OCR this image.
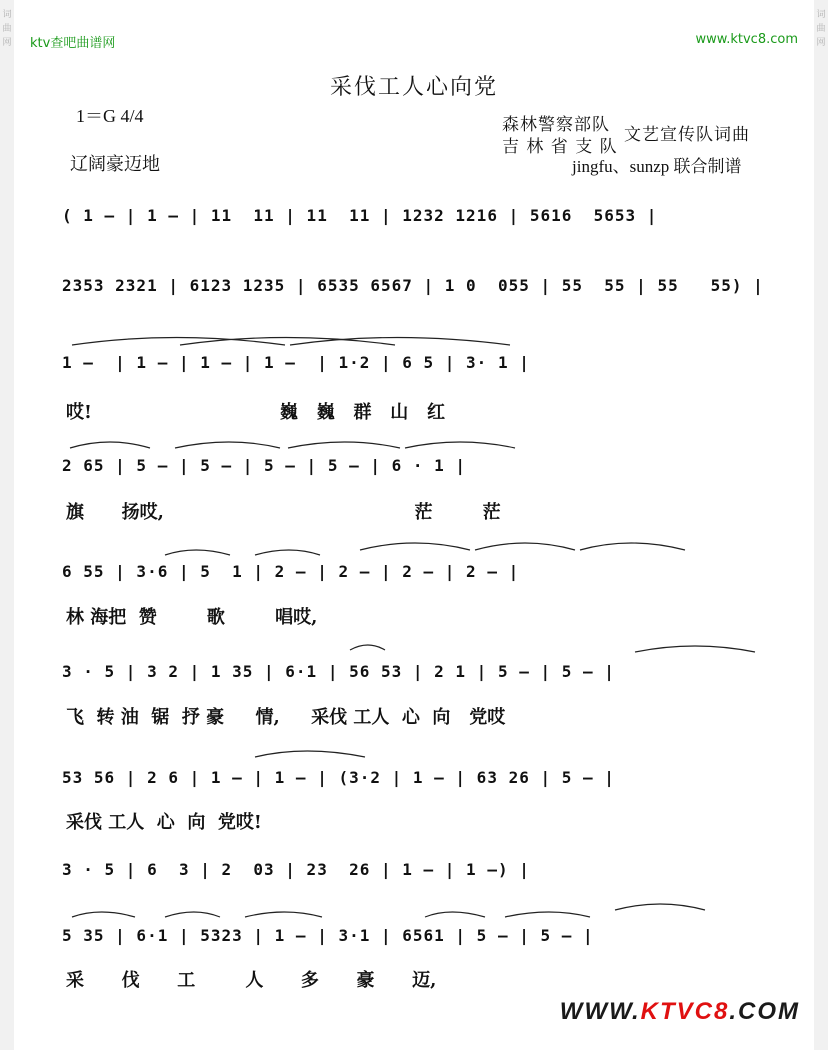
词 曲 网
词 曲 网
ktv查吧曲谱网	www.ktvc8.com
采伐工人心向党
1＝G 4/4	森林警察部队
吉 林 省 支 队
文艺宣传队词曲
辽阔豪迈地	jingfu、sunzp 联合制谱
( 1 — | 1 — | 11  11 | 11  11 | 1232 1216 | 5616  5653 |
2353 2321 | 6123 1235 | 6535 6567 | 1 0  055 | 55  55 | 55   55) |
1 —  | 1 — | 1 — | 1 —  | 1·2 | 6 5 | 3· 1 |
哎!                              巍   巍   群   山   红
2 65 | 5 — | 5 — | 5 — | 5 — | 6 · 1 |
旗      扬哎,                                        茫        茫
6 55 | 3·6 | 5  1 | 2 — | 2 — | 2 — | 2 — |
林 海把  赞        歌        唱哎,
3 · 5 | 3 2 | 1 35 | 6·1 | 56 53 | 2 1 | 5 — | 5 — |
飞  转 油  锯  抒 豪     情,     采伐 工人  心  向   党哎
53 56 | 2 6 | 1 — | 1 — | (3·2 | 1 — | 63 26 | 5 — |
采伐 工人  心  向  党哎!
3 · 5 | 6  3 | 2  03 | 23  26 | 1 — | 1 —) |
5 35 | 6·1 | 5323 | 1 — | 3·1 | 6561 | 5 — | 5 — |
采      伐      工        人      多      豪      迈,
WWW.KTVC8.COM
